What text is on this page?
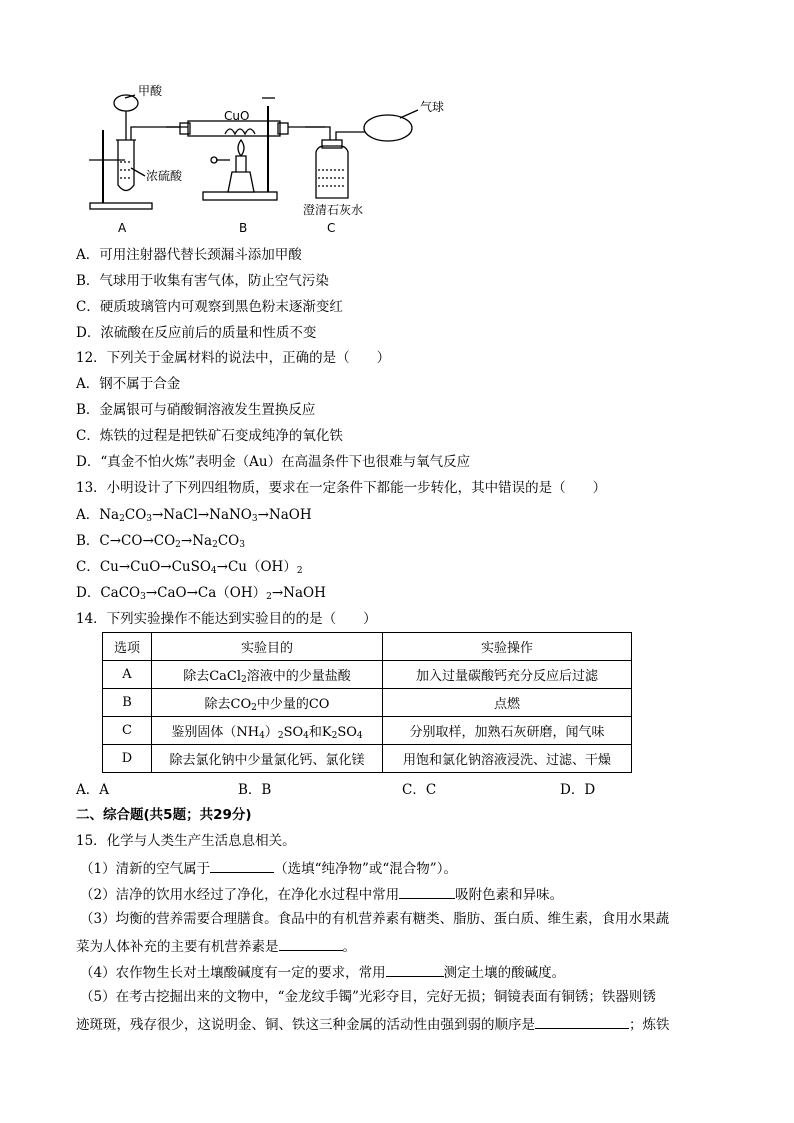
甲酸
浓硫酸
CuO
气球
澄清石灰水
A	B	C
A．可用注射器代替长颈漏斗添加甲酸
B．气球用于收集有害气体，防止空气污染
C．硬质玻璃管内可观察到黑色粉末逐渐变红
D．浓硫酸在反应前后的质量和性质不变
12．下列关于金属材料的说法中，正确的是（　　）
A．钢不属于合金
B．金属银可与硝酸铜溶液发生置换反应
C．炼铁的过程是把铁矿石变成纯净的氧化铁
D．“真金不怕火炼”表明金（Au）在高温条件下也很难与氧气反应
13．小明设计了下列四组物质，要求在一定条件下都能一步转化，其中错误的是（　　）
A．$Na_2CO_3\to NaCl\to NaNO_3\to NaOH$
B．$C\to CO\to CO_2\to Na_2CO_3$
C．$Cu\to CuO\to CuSO_4\to Cu(OH)_2$
D．$CaCO_3\to CaO\to Ca(OH)_2\to NaOH$
14．下列实验操作不能达到实验目的的是（　　）
选项	实验目的	实验操作
A	除去CaCl$_2$溶液中的少量盐酸	加入过量碳酸钙充分反应后过滤
B	除去$CO_2$中少量的CO	点燃
C	鉴别固体$(NH_4)_2SO_4$和$K_2SO_4$	分别取样，加熟石灰研磨，闻气味
D	除去氯化钠中少量氯化钙、氯化镁	用饱和氯化钠溶液浸洗、过滤、干燥
A．A	B．B	C．C	D．D
二、综合题(共5题；共29分)
15．化学与人类生产生活息息相关。
（1）清新的空气属于	（选填“纯净物”或“混合物”）。
（2）洁净的饮用水经过了净化，在净化水过程中常用	吸附色素和异味。
（3）均衡的营养需要合理膳食。食品中的有机营养素有糖类、脂肪、蛋白质、维生素，食用水果蔬
菜为人体补充的主要有机营养素是	。
（4）农作物生长对土壤酸碱度有一定的要求，常用	测定土壤的酸碱度。
（5）在考古挖掘出来的文物中，“金龙纹手镯”光彩夺目，完好无损；铜镜表面有铜锈；铁器则锈
迹斑斑，残存很少，这说明金、铜、铁这三种金属的活动性由强到弱的顺序是	；炼铁
